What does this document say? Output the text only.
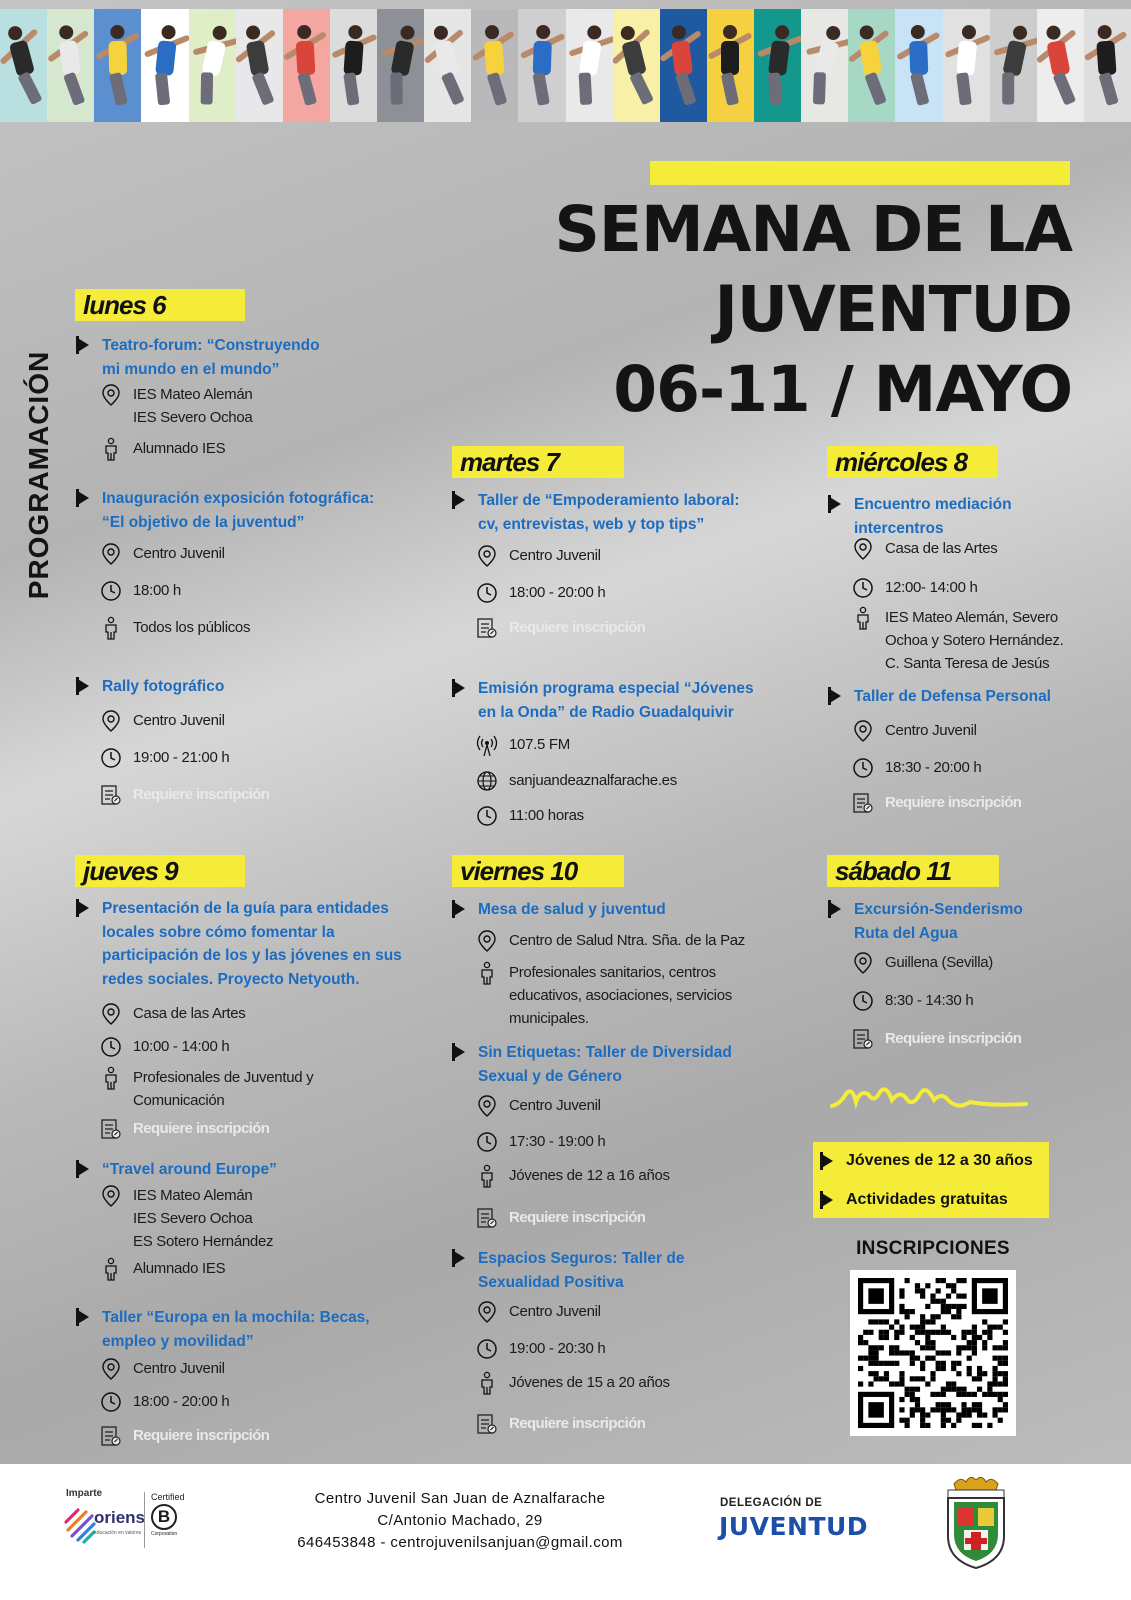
SEMANA DE LA
JUVENTUD
06-11 / MAYO
PROGRAMACIÓN
lunes 6
Teatro-forum: “Construyendo
mi mundo en el mundo”
IES Mateo Alemán
IES Severo Ochoa
Alumnado IES
Inauguración exposición fotográfica:
“El objetivo de la juventud”
Centro Juvenil
18:00 h
Todos los públicos
Rally fotográfico
Centro Juvenil
19:00 - 21:00 h
Requiere inscripción
martes 7
Taller de “Empoderamiento laboral:
cv, entrevistas, web y top tips”
Centro Juvenil
18:00 - 20:00 h
Requiere inscripción
Emisión programa especial “Jóvenes
en la Onda” de Radio Guadalquivir
107.5 FM
sanjuandeaznalfarache.es
11:00 horas
miércoles 8
Encuentro mediación
intercentros
Casa de las Artes
12:00- 14:00 h
IES Mateo Alemán, Severo
Ochoa y Sotero Hernández.
C. Santa Teresa de Jesús
Taller de Defensa Personal
Centro Juvenil
18:30 - 20:00 h
Requiere inscripción
jueves 9
Presentación de la guía para entidades
locales sobre cómo fomentar la
participación de los y las jóvenes en sus
redes sociales. Proyecto Netyouth.
Casa de las Artes
10:00 - 14:00 h
Profesionales de Juventud y
Comunicación
Requiere inscripción
“Travel around Europe”
IES Mateo Alemán
IES Severo Ochoa
ES Sotero Hernández
Alumnado IES
Taller “Europa en la mochila: Becas,
empleo y movilidad”
Centro Juvenil
18:00 - 20:00 h
Requiere inscripción
viernes 10
Mesa de salud y juventud
Centro de Salud Ntra. Sña. de la Paz
Profesionales sanitarios, centros
educativos, asociaciones, servicios
municipales.
Sin Etiquetas: Taller de Diversidad
Sexual y de Género
Centro Juvenil
17:30 - 19:00 h
Jóvenes de 12 a 16 años
Requiere inscripción
Espacios Seguros: Taller de
Sexualidad Positiva
Centro Juvenil
19:00 - 20:30 h
Jóvenes de 15 a 20 años
Requiere inscripción
sábado 11
Excursión-Senderismo
Ruta del Agua
Guillena (Sevilla)
8:30 - 14:30 h
Requiere inscripción
Jóvenes de 12 a 30 años
Actividades gratuitas
INSCRIPCIONES
Imparte
oriens
educación en valores
Certified
B
Corporation
Centro Juvenil San Juan de Aznalfarache
C/Antonio Machado, 29
646453848 - centrojuvenilsanjuan@gmail.com
DELEGACIÓN DE
JUVENTUD
